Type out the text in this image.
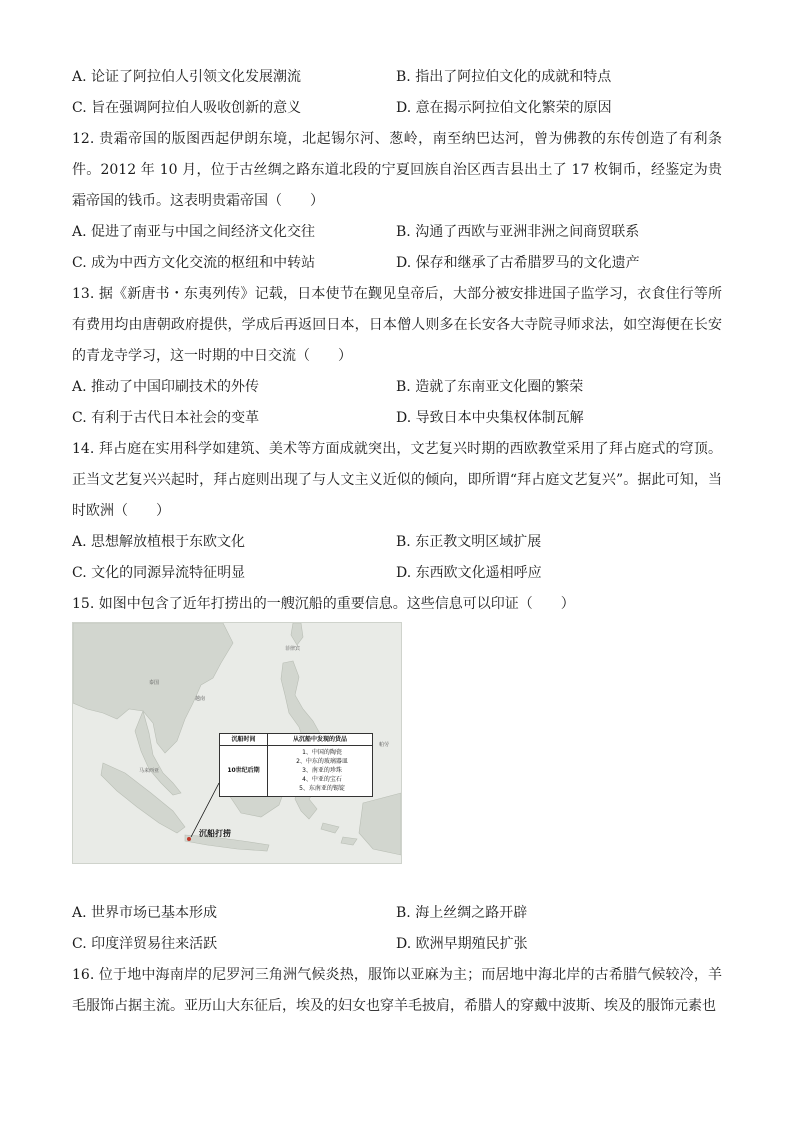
A. 论证了阿拉伯人引领文化发展潮流	B. 指出了阿拉伯文化的成就和特点
C. 旨在强调阿拉伯人吸收创新的意义	D. 意在揭示阿拉伯文化繁荣的原因
12. 贵霜帝国的版图西起伊朗东境，北起锡尔河、葱岭，南至纳巴达河，曾为佛教的东传创造了有利条件。2012 年 10 月，位于古丝绸之路东道北段的宁夏回族自治区西吉县出土了 17 枚铜币，经鉴定为贵霜帝国的钱币。这表明贵霜帝国（　　）
A. 促进了南亚与中国之间经济文化交往	B. 沟通了西欧与亚洲非洲之间商贸联系
C. 成为中西方文化交流的枢纽和中转站	D. 保存和继承了古希腊罗马的文化遗产
13. 据《新唐书・东夷列传》记载，日本使节在觐见皇帝后，大部分被安排进国子监学习，衣食住行等所有费用均由唐朝政府提供，学成后再返回日本，日本僧人则多在长安各大寺院寻师求法，如空海便在长安的青龙寺学习，这一时期的中日交流（　　）
A. 推动了中国印刷技术的外传	B. 造就了东南亚文化圈的繁荣
C. 有利于古代日本社会的变革	D. 导致日本中央集权体制瓦解
14. 拜占庭在实用科学如建筑、美术等方面成就突出，文艺复兴时期的西欧教堂采用了拜占庭式的穹顶。正当文艺复兴兴起时，拜占庭则出现了与人文主义近似的倾向，即所谓“拜占庭文艺复兴”。据此可知，当时欧洲（　　）
A. 思想解放植根于东欧文化	B. 东正教文明区域扩展
C. 文化的同源异流特征明显	D. 东西欧文化遥相呼应
15. 如图中包含了近年打捞出的一艘沉船的重要信息。这些信息可以印证（　　）
泰国
马来西亚
菲律宾
越南
帕劳
沉船时间	从沉船中发现的货品
10世纪后期
1、中国的陶瓷
2、中东的玻璃器皿
3、南亚的珍珠
4、中亚的宝石
5、东南亚的锡锭
沉船打捞
A. 世界市场已基本形成	B. 海上丝绸之路开辟
C. 印度洋贸易往来活跃	D. 欧洲早期殖民扩张
16. 位于地中海南岸的尼罗河三角洲气候炎热，服饰以亚麻为主；而居地中海北岸的古希腊气候较冷，羊毛服饰占据主流。亚历山大东征后，埃及的妇女也穿羊毛披肩，希腊人的穿戴中波斯、埃及的服饰元素也
